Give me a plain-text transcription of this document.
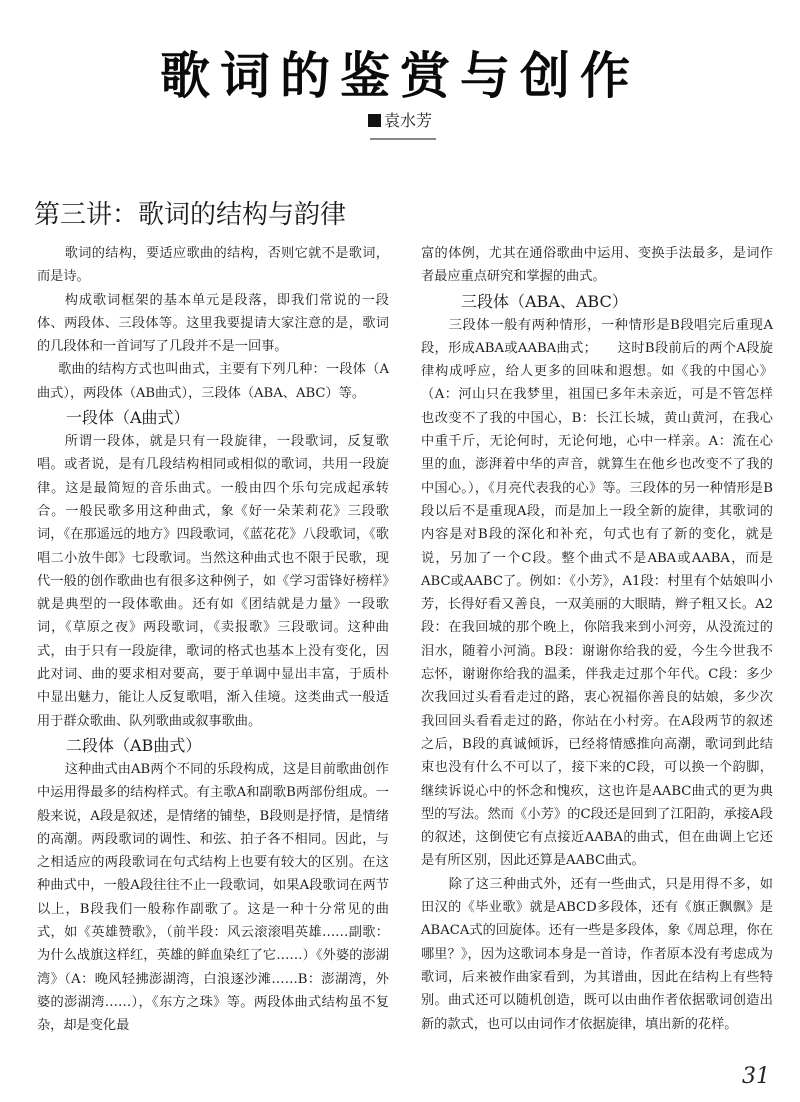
歌词的鉴赏与创作
袁水芳
第三讲：歌词的结构与韵律

歌词的结构，要适应歌曲的结构，否则它就不是歌词，而是诗。

构成歌词框架的基本单元是段落，即我们常说的一段体、两段体、三段体等。这里我要提请大家注意的是，歌词的几段体和一首词写了几段并不是一回事。

歌曲的结构方式也叫曲式，主要有下列几种：一段体（A曲式），两段体（AB曲式），三段体（ABA、ABC）等。

一段体（A曲式）

所谓一段体，就是只有一段旋律，一段歌词，反复歌唱。或者说，是有几段结构相同或相似的歌词，共用一段旋律。这是最简短的音乐曲式。一般由四个乐句完成起承转合。一般民歌多用这种曲式，象《好一朵茉莉花》三段歌词，《在那遥远的地方》四段歌词，《蓝花花》八段歌词，《歌唱二小放牛郎》七段歌词。当然这种曲式也不限于民歌，现代一般的创作歌曲也有很多这种例子，如《学习雷锋好榜样》就是典型的一段体歌曲。还有如《团结就是力量》一段歌词，《草原之夜》两段歌词，《卖报歌》三段歌词。这种曲式，由于只有一段旋律，歌词的格式也基本上没有变化，因此对词、曲的要求相对要高，要于单调中显出丰富，于质朴中显出魅力，能让人反复歌唱，渐入佳境。这类曲式一般适用于群众歌曲、队列歌曲或叙事歌曲。

二段体（AB曲式）

这种曲式由AB两个不同的乐段构成，这是目前歌曲创作中运用得最多的结构样式。有主歌A和副歌B两部份组成。一般来说，A段是叙述，是情绪的铺垫，B段则是抒情，是情绪的高潮。两段歌词的调性、和弦、拍子各不相同。因此，与之相适应的两段歌词在句式结构上也要有较大的区别。在这种曲式中，一般A段往往不止一段歌词，如果A段歌词在两节以上，B段我们一般称作副歌了。这是一种十分常见的曲式，如《英雄赞歌》，（前半段：风云滚滚唱英雄……副歌：为什么战旗这样红，英雄的鲜血染红了它……）《外婆的澎湖湾》（A：晚风轻拂澎湖湾，白浪逐沙滩……B：澎湖湾，外婆的澎湖湾……），《东方之珠》等。两段体曲式结构虽不复杂，却是变化最

富的体例，尤其在通俗歌曲中运用、变换手法最多，是词作者最应重点研究和掌握的曲式。

三段体（ABA、ABC）

三段体一般有两种情形，一种情形是B段唱完后重现A段，形成ABA或AABA曲式；　　这时B段前后的两个A段旋律构成呼应，给人更多的回味和遐想。如《我的中国心》（A：河山只在我梦里，祖国已多年未亲近，可是不管怎样也改变不了我的中国心，B：长江长城，黄山黄河，在我心中重千斤，无论何时，无论何地，心中一样亲。A：流在心里的血，澎湃着中华的声音，就算生在他乡也改变不了我的中国心。），《月亮代表我的心》等。三段体的另一种情形是B段以后不是重现A段，而是加上一段全新的旋律，其歌词的内容是对B段的深化和补充，句式也有了新的变化，就是说，另加了一个C段。整个曲式不是ABA或AABA，而是ABC或AABC了。例如：《小芳》，A1段：村里有个姑娘叫小芳，长得好看又善良，一双美丽的大眼睛，辫子粗又长。A2段：在我回城的那个晚上，你陪我来到小河旁，从没流过的泪水，随着小河淌。B段：谢谢你给我的爱，今生今世我不忘怀，谢谢你给我的温柔，伴我走过那个年代。C段：多少次我回过头看看走过的路，衷心祝福你善良的姑娘，多少次我回回头看看走过的路，你站在小村旁。在A段两节的叙述之后，B段的真诚倾诉，已经将情感推向高潮，歌词到此结束也没有什么不可以了，接下来的C段，可以换一个韵脚，继续诉说心中的怀念和愧疚，这也许是AABC曲式的更为典型的写法。然而《小芳》的C段还是回到了江阳韵，承接A段的叙述，这倒使它有点接近AABA的曲式，但在曲调上它还是有所区别，因此还算是AABC曲式。

除了这三种曲式外，还有一些曲式，只是用得不多，如田汉的《毕业歌》就是ABCD多段体，还有《旗正飘飘》是 ABACA式的回旋体。还有一些是多段体，象《周总理，你在哪里？》，因为这歌词本身是一首诗，作者原本没有考虑成为歌词，后来被作曲家看到，为其谱曲，因此在结构上有些特别。曲式还可以随机创造，既可以由曲作者依据歌词创造出新的款式，也可以由词作才依据旋律，填出新的花样。

31
